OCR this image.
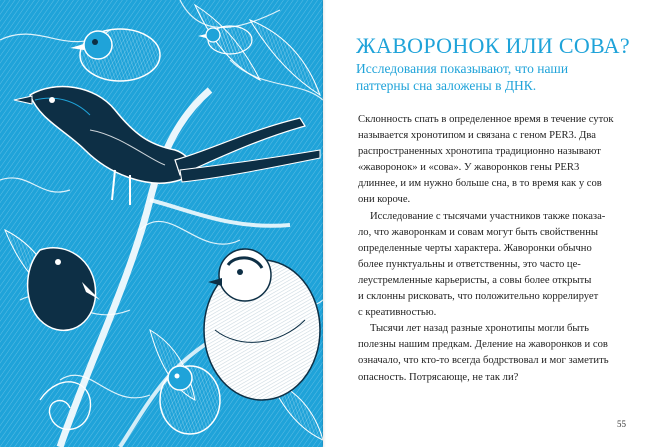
ЖАВОРОНОК ИЛИ СОВА?
Исследования показывают, что наши
паттерны сна заложены в ДНК.

Склонность спать в определенное время в течение суток

называется хронотипом и связана с геном PER3. Два

распространенных хронотипа традиционно называют

«жаворонок» и «сова». У жаворонков гены PER3

длиннее, и им нужно больше сна, в то время как у сов

они короче.

Исследование с тысячами участников также показа-

ло, что жаворонкам и совам могут быть свойственны

определенные черты характера. Жаворонки обычно

более пунктуальны и ответственны, это часто це-

леустремленные карьеристы, а совы более открыты

и склонны рисковать, что положительно коррелирует

с креативностью.

Тысячи лет назад разные хронотипы могли быть

полезны нашим предкам. Деление на жаворонков и сов

означало, что кто-то всегда бодрствовал и мог заметить

опасность. Потрясающе, не так ли?

55
